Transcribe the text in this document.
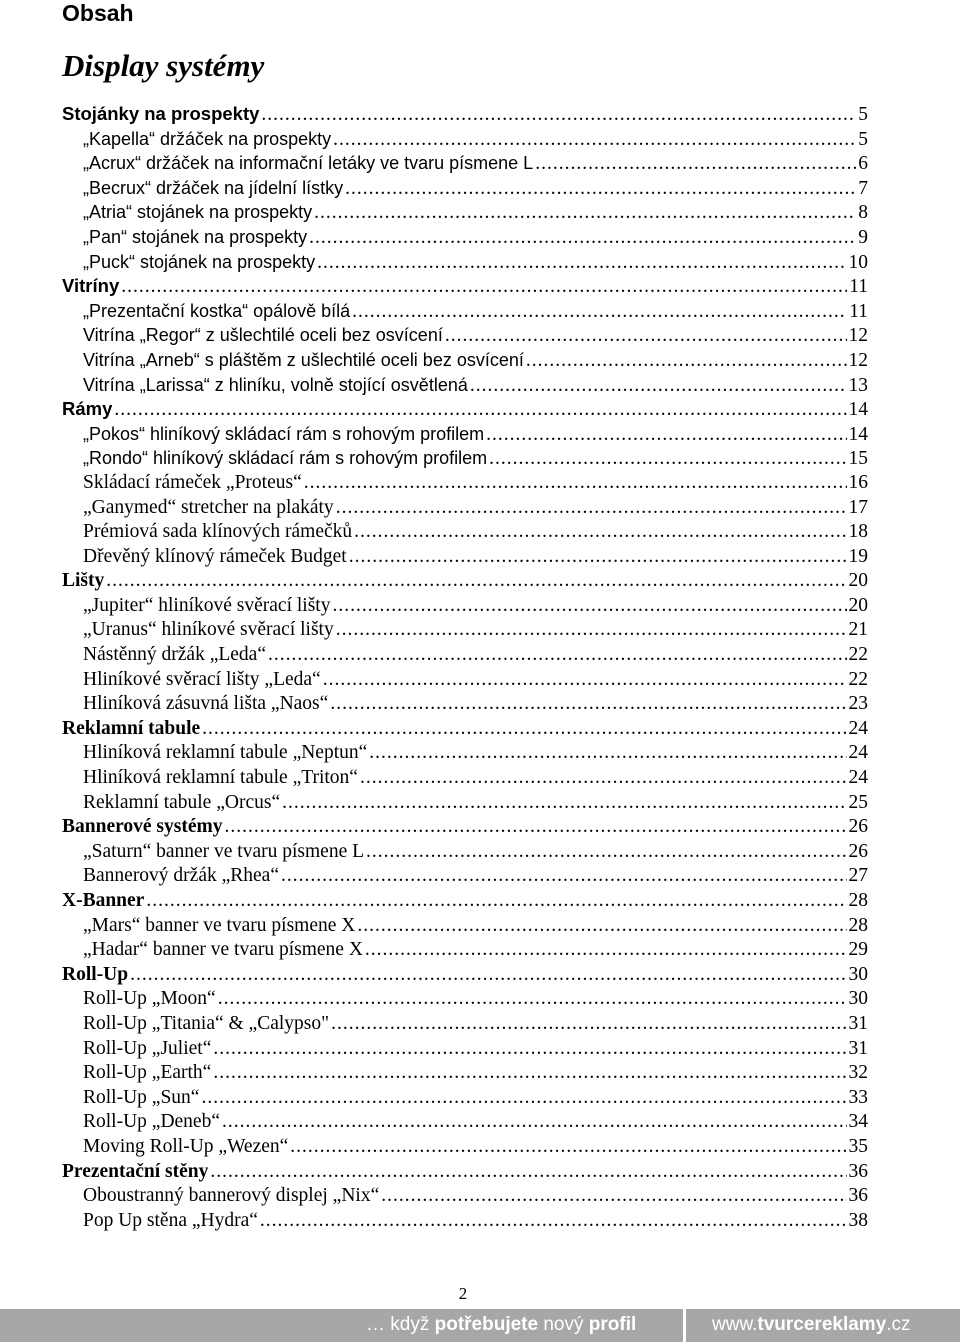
Obsah
Display systémy
Stojánky na prospekty .....	5
„Kapella“ držáček na prospekty .....	5
„Acrux“ držáček na informační letáky ve tvaru písmene L .....	6
„Becrux“ držáček na jídelní lístky .....	7
„Atria“ stojánek na prospekty .....	8
„Pan“ stojánek na prospekty .....	9
„Puck“ stojánek na prospekty .....	10
Vitríny .....	11
„Prezentační kostka“ opálově bílá .....	11
Vitrína „Regor“ z ušlechtilé oceli bez osvícení .....	12
Vitrína „Arneb“ s pláštěm z ušlechtilé oceli bez osvícení .....	12
Vitrína „Larissa“ z hliníku, volně stojící osvětlená .....	13
Rámy .....	14
„Pokos“ hliníkový skládací rám s rohovým profilem .....	14
„Rondo“ hliníkový skládací rám s rohovým profilem .....	15
Skládací rámeček „Proteus“ .....	16
„Ganymed“ stretcher na plakáty .....	17
Prémiová sada klínových rámečků .....	18
Dřevěný klínový rámeček Budget .....	19
Lišty .....	20
„Jupiter“ hliníkové svěrací lišty .....	20
„Uranus“ hliníkové svěrací lišty .....	21
Nástěnný držák „Leda“ .....	22
Hliníkové svěrací lišty „Leda“ .....	22
Hliníková zásuvná lišta „Naos“ .....	23
Reklamní tabule .....	24
Hliníková reklamní tabule „Neptun“ .....	24
Hliníková reklamní tabule „Triton“ .....	24
Reklamní tabule „Orcus“ .....	25
Bannerové systémy .....	26
„Saturn“ banner ve tvaru písmene L .....	26
Bannerový držák „Rhea“ .....	27
X-Banner .....	28
„Mars“ banner ve tvaru písmene X .....	28
„Hadar“ banner ve tvaru písmene X .....	29
Roll-Up .....	30
Roll-Up „Moon“ .....	30
Roll-Up „Titania“ & „Calypso" .....	31
Roll-Up „Juliet“ .....	31
Roll-Up „Earth“ .....	32
Roll-Up „Sun“ .....	33
Roll-Up „Deneb“ .....	34
Moving Roll-Up „Wezen“ .....	35
Prezentační stěny .....	36
Oboustranný bannerový displej „Nix“ .....	36
Pop Up stěna „Hydra“ .....	38
2
… když potřebujete nový profil	www.tvurcereklamy.cz
